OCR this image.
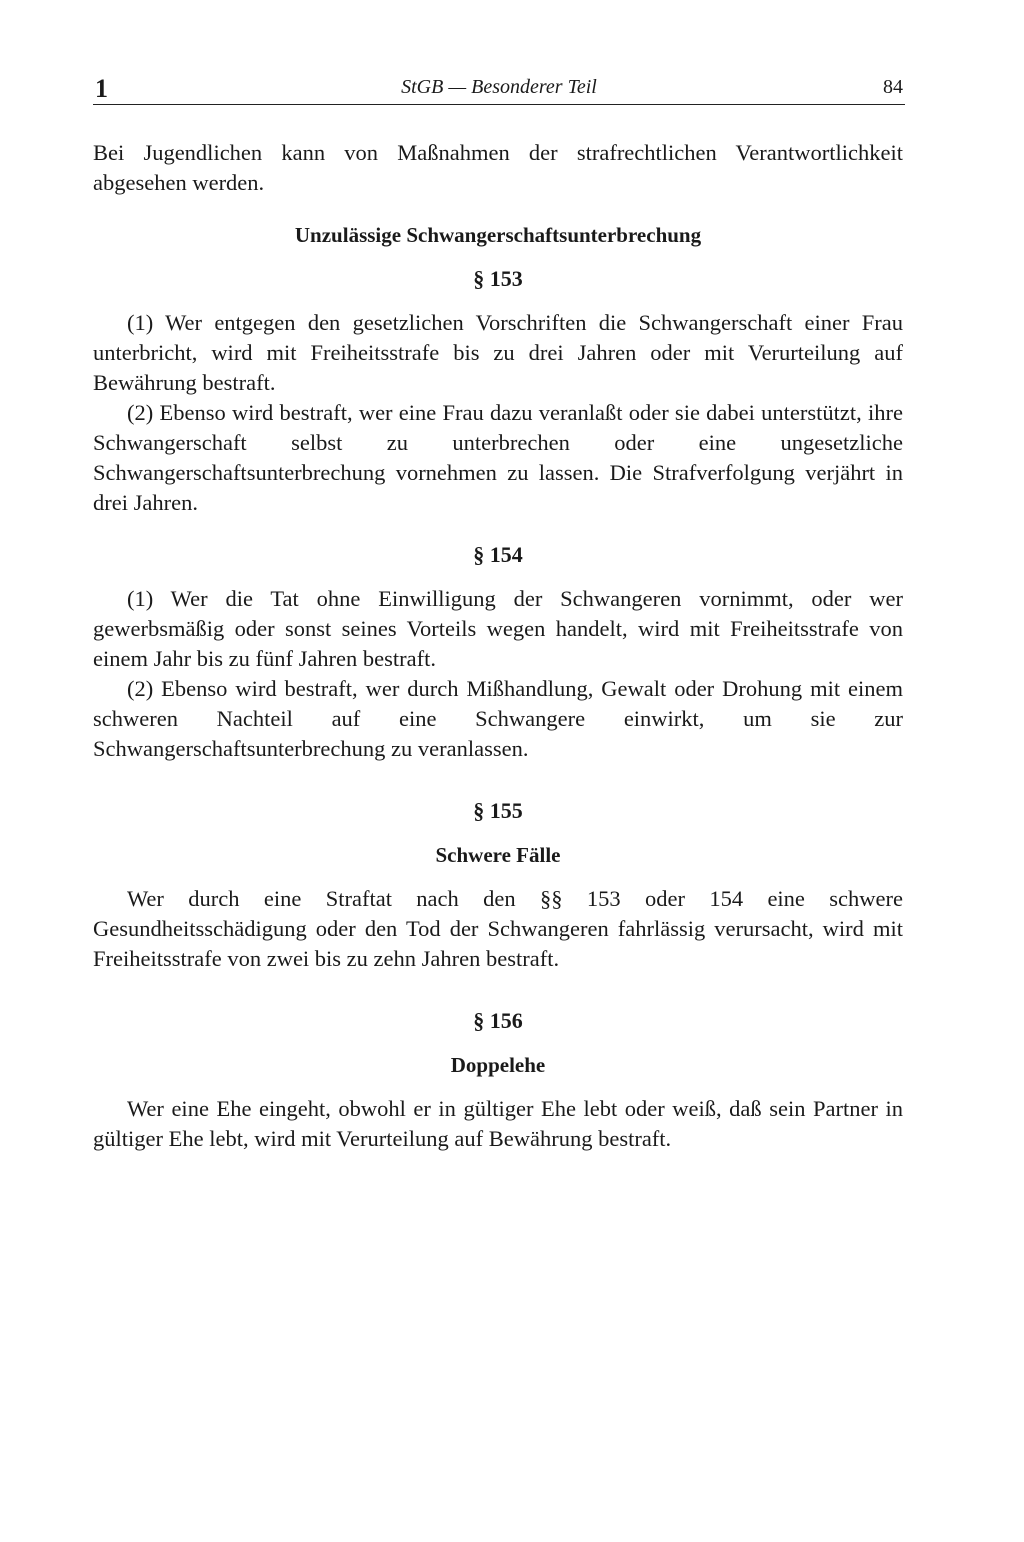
1	StGB — Besonderer Teil	84

Bei Jugendlichen kann von Maßnahmen der strafrechtlichen Verantwortlichkeit abgesehen werden.

Unzulässige Schwangerschaftsunterbrechung

§ 153

(1) Wer entgegen den gesetzlichen Vorschriften die Schwangerschaft einer Frau unterbricht, wird mit Freiheitsstrafe bis zu drei Jahren oder mit Verurteilung auf Bewährung bestraft.

(2) Ebenso wird bestraft, wer eine Frau dazu veranlaßt oder sie dabei unterstützt, ihre Schwangerschaft selbst zu unterbrechen oder eine ungesetzliche Schwangerschaftsunterbrechung vornehmen zu lassen. Die Strafverfolgung verjährt in drei Jahren.

§ 154

(1) Wer die Tat ohne Einwilligung der Schwangeren vornimmt, oder wer gewerbsmäßig oder sonst seines Vorteils wegen handelt, wird mit Freiheitsstrafe von einem Jahr bis zu fünf Jahren bestraft.

(2) Ebenso wird bestraft, wer durch Mißhandlung, Gewalt oder Drohung mit einem schweren Nachteil auf eine Schwangere einwirkt, um sie zur Schwangerschaftsunterbrechung zu veranlassen.

§ 155

Schwere Fälle

Wer durch eine Straftat nach den §§ 153 oder 154 eine schwere Gesundheitsschädigung oder den Tod der Schwangeren fahrlässig verursacht, wird mit Freiheitsstrafe von zwei bis zu zehn Jahren bestraft.

§ 156

Doppelehe

Wer eine Ehe eingeht, obwohl er in gültiger Ehe lebt oder weiß, daß sein Partner in gültiger Ehe lebt, wird mit Verurteilung auf Bewährung bestraft.
